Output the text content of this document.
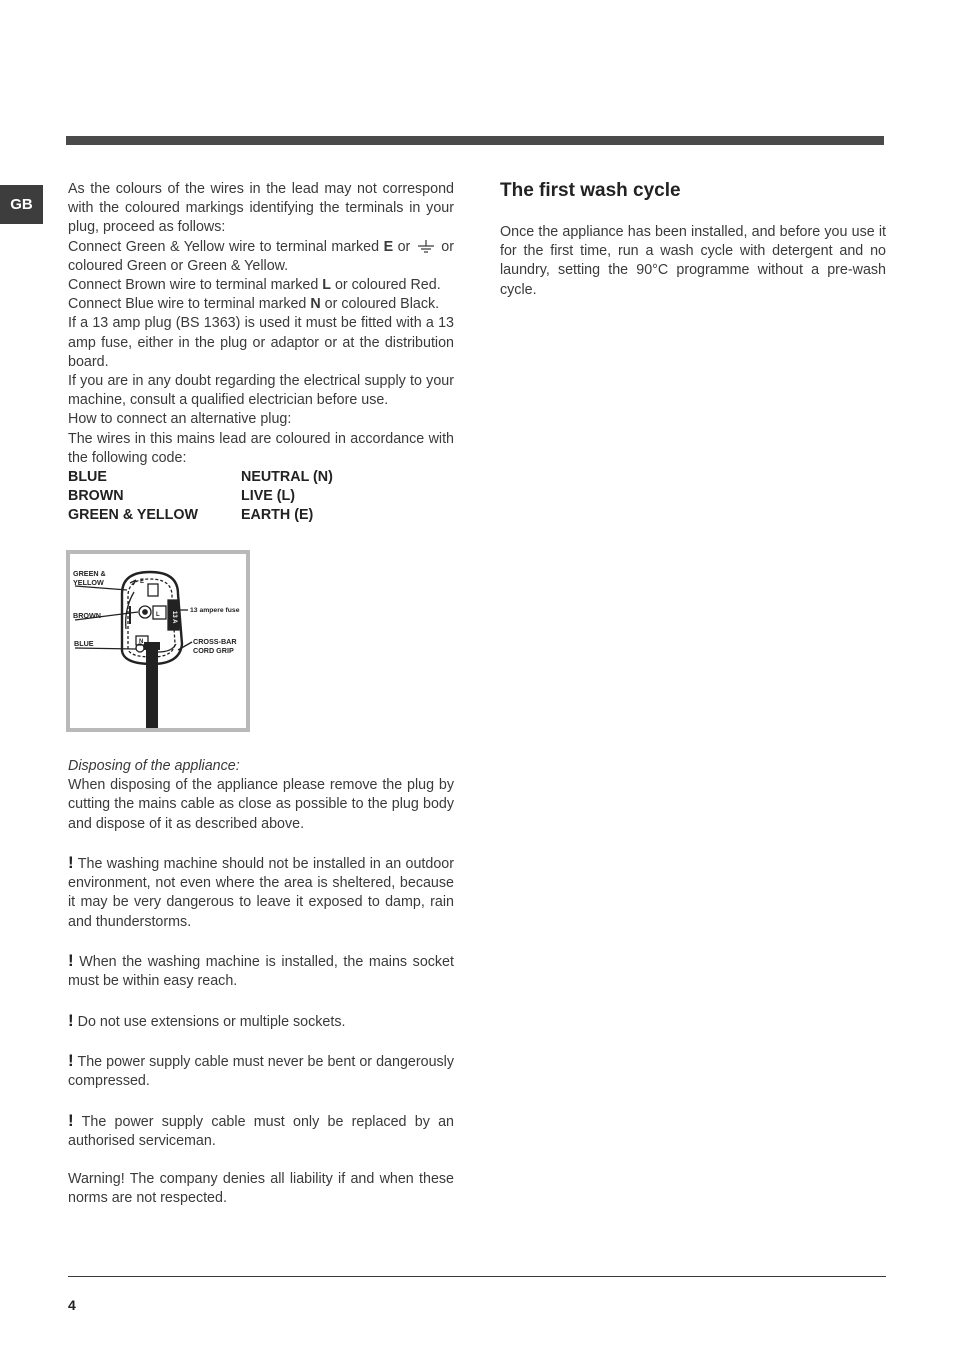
GB

As the colours of the wires in the lead may not correspond with the coloured markings identifying the terminals in your plug, proceed as follows:

Connect Green & Yellow wire to terminal marked E or  or coloured Green or Green & Yellow.

Connect Brown wire to terminal marked L or coloured Red.

Connect Blue wire to terminal marked N or coloured Black.

If a 13 amp plug (BS 1363) is used it must be fitted with a 13 amp fuse, either in the plug or adaptor or at the distribution board.

If you are in any doubt regarding the electrical supply to your machine, consult a qualified electrician before use.

How to connect an alternative plug:

The wires in this mains lead are coloured in accordance with the following code:

BLUE	NEUTRAL (N)
BROWN	LIVE (L)
GREEN & YELLOW	EARTH (E)
GREEN &
YELLOW
BROWN
BLUE
13 ampere fuse
CROSS-BAR
CORD GRIP
13 A
E
L
N

Disposing of the appliance:

When disposing of the appliance please remove the plug by cutting the mains cable as close as possible to the plug body and dispose of it as described above.

! The washing machine should not be installed in an outdoor environment, not even where the area is sheltered, because it may be very dangerous to leave it exposed to damp, rain and thunderstorms.

! When the washing machine is installed, the mains socket must be within easy reach.

! Do not use extensions or multiple sockets.

! The power supply cable must never be bent or dangerously compressed.

! The power supply cable must only be replaced by an authorised serviceman.

Warning! The company denies all liability if and when these norms are not respected.

The first wash cycle

Once the appliance has been installed, and before you use it for the first time, run a wash cycle with detergent and no laundry, setting the 90°C programme without a pre-wash cycle.

4
